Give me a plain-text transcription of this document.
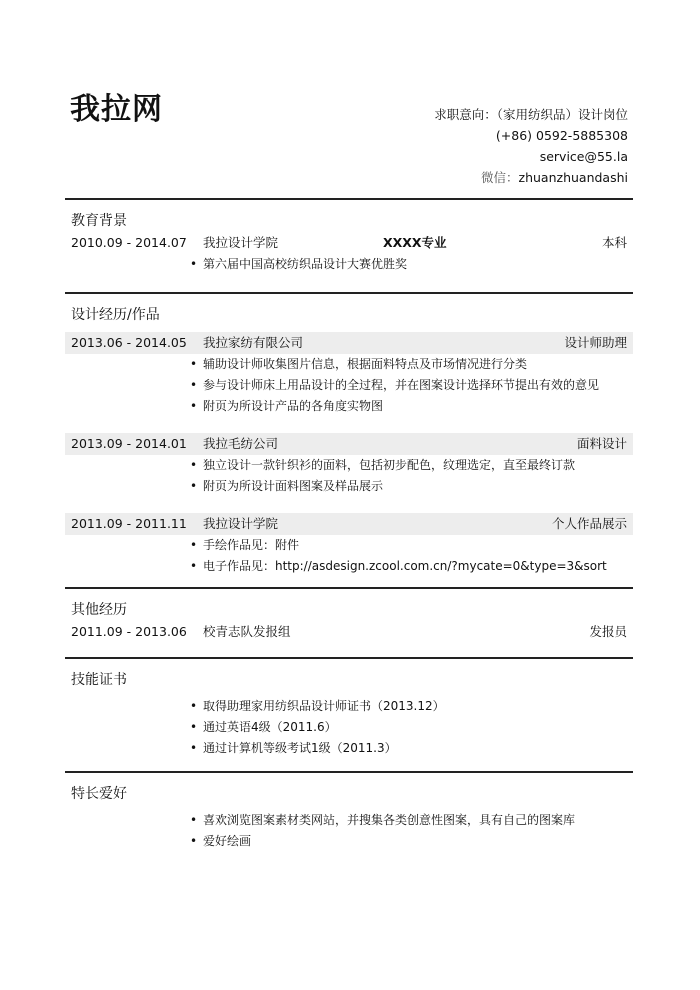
我拉网	求职意向：（家用纺织品）设计岗位
(+86) 0592-5885308
service@55.la
微信：zhuanzhuandashi
教育背景
2010.09 - 2014.07 我拉设计学院	XXXX专业	本科
• 第六届中国高校纺织品设计大赛优胜奖
设计经历/作品
2013.06 - 2014.05 我拉家纺有限公司	设计师助理
• 辅助设计师收集图片信息，根据面料特点及市场情况进行分类
• 参与设计师床上用品设计的全过程，并在图案设计选择环节提出有效的意见
• 附页为所设计产品的各角度实物图
2013.09 - 2014.01 我拉毛纺公司	面料设计
• 独立设计一款针织衫的面料，包括初步配色，纹理选定，直至最终订款
• 附页为所设计面料图案及样品展示
2011.09 - 2011.11 我拉设计学院	个人作品展示
• 手绘作品见：附件
• 电子作品见：http://asdesign.zcool.com.cn/?mycate=0&type=3&sort
其他经历
2011.09 - 2013.06 校青志队发报组	发报员
技能证书
• 取得助理家用纺织品设计师证书（2013.12）
• 通过英语4级（2011.6）
• 通过计算机等级考试1级（2011.3）
特长爱好
• 喜欢浏览图案素材类网站，并搜集各类创意性图案，具有自己的图案库
• 爱好绘画
